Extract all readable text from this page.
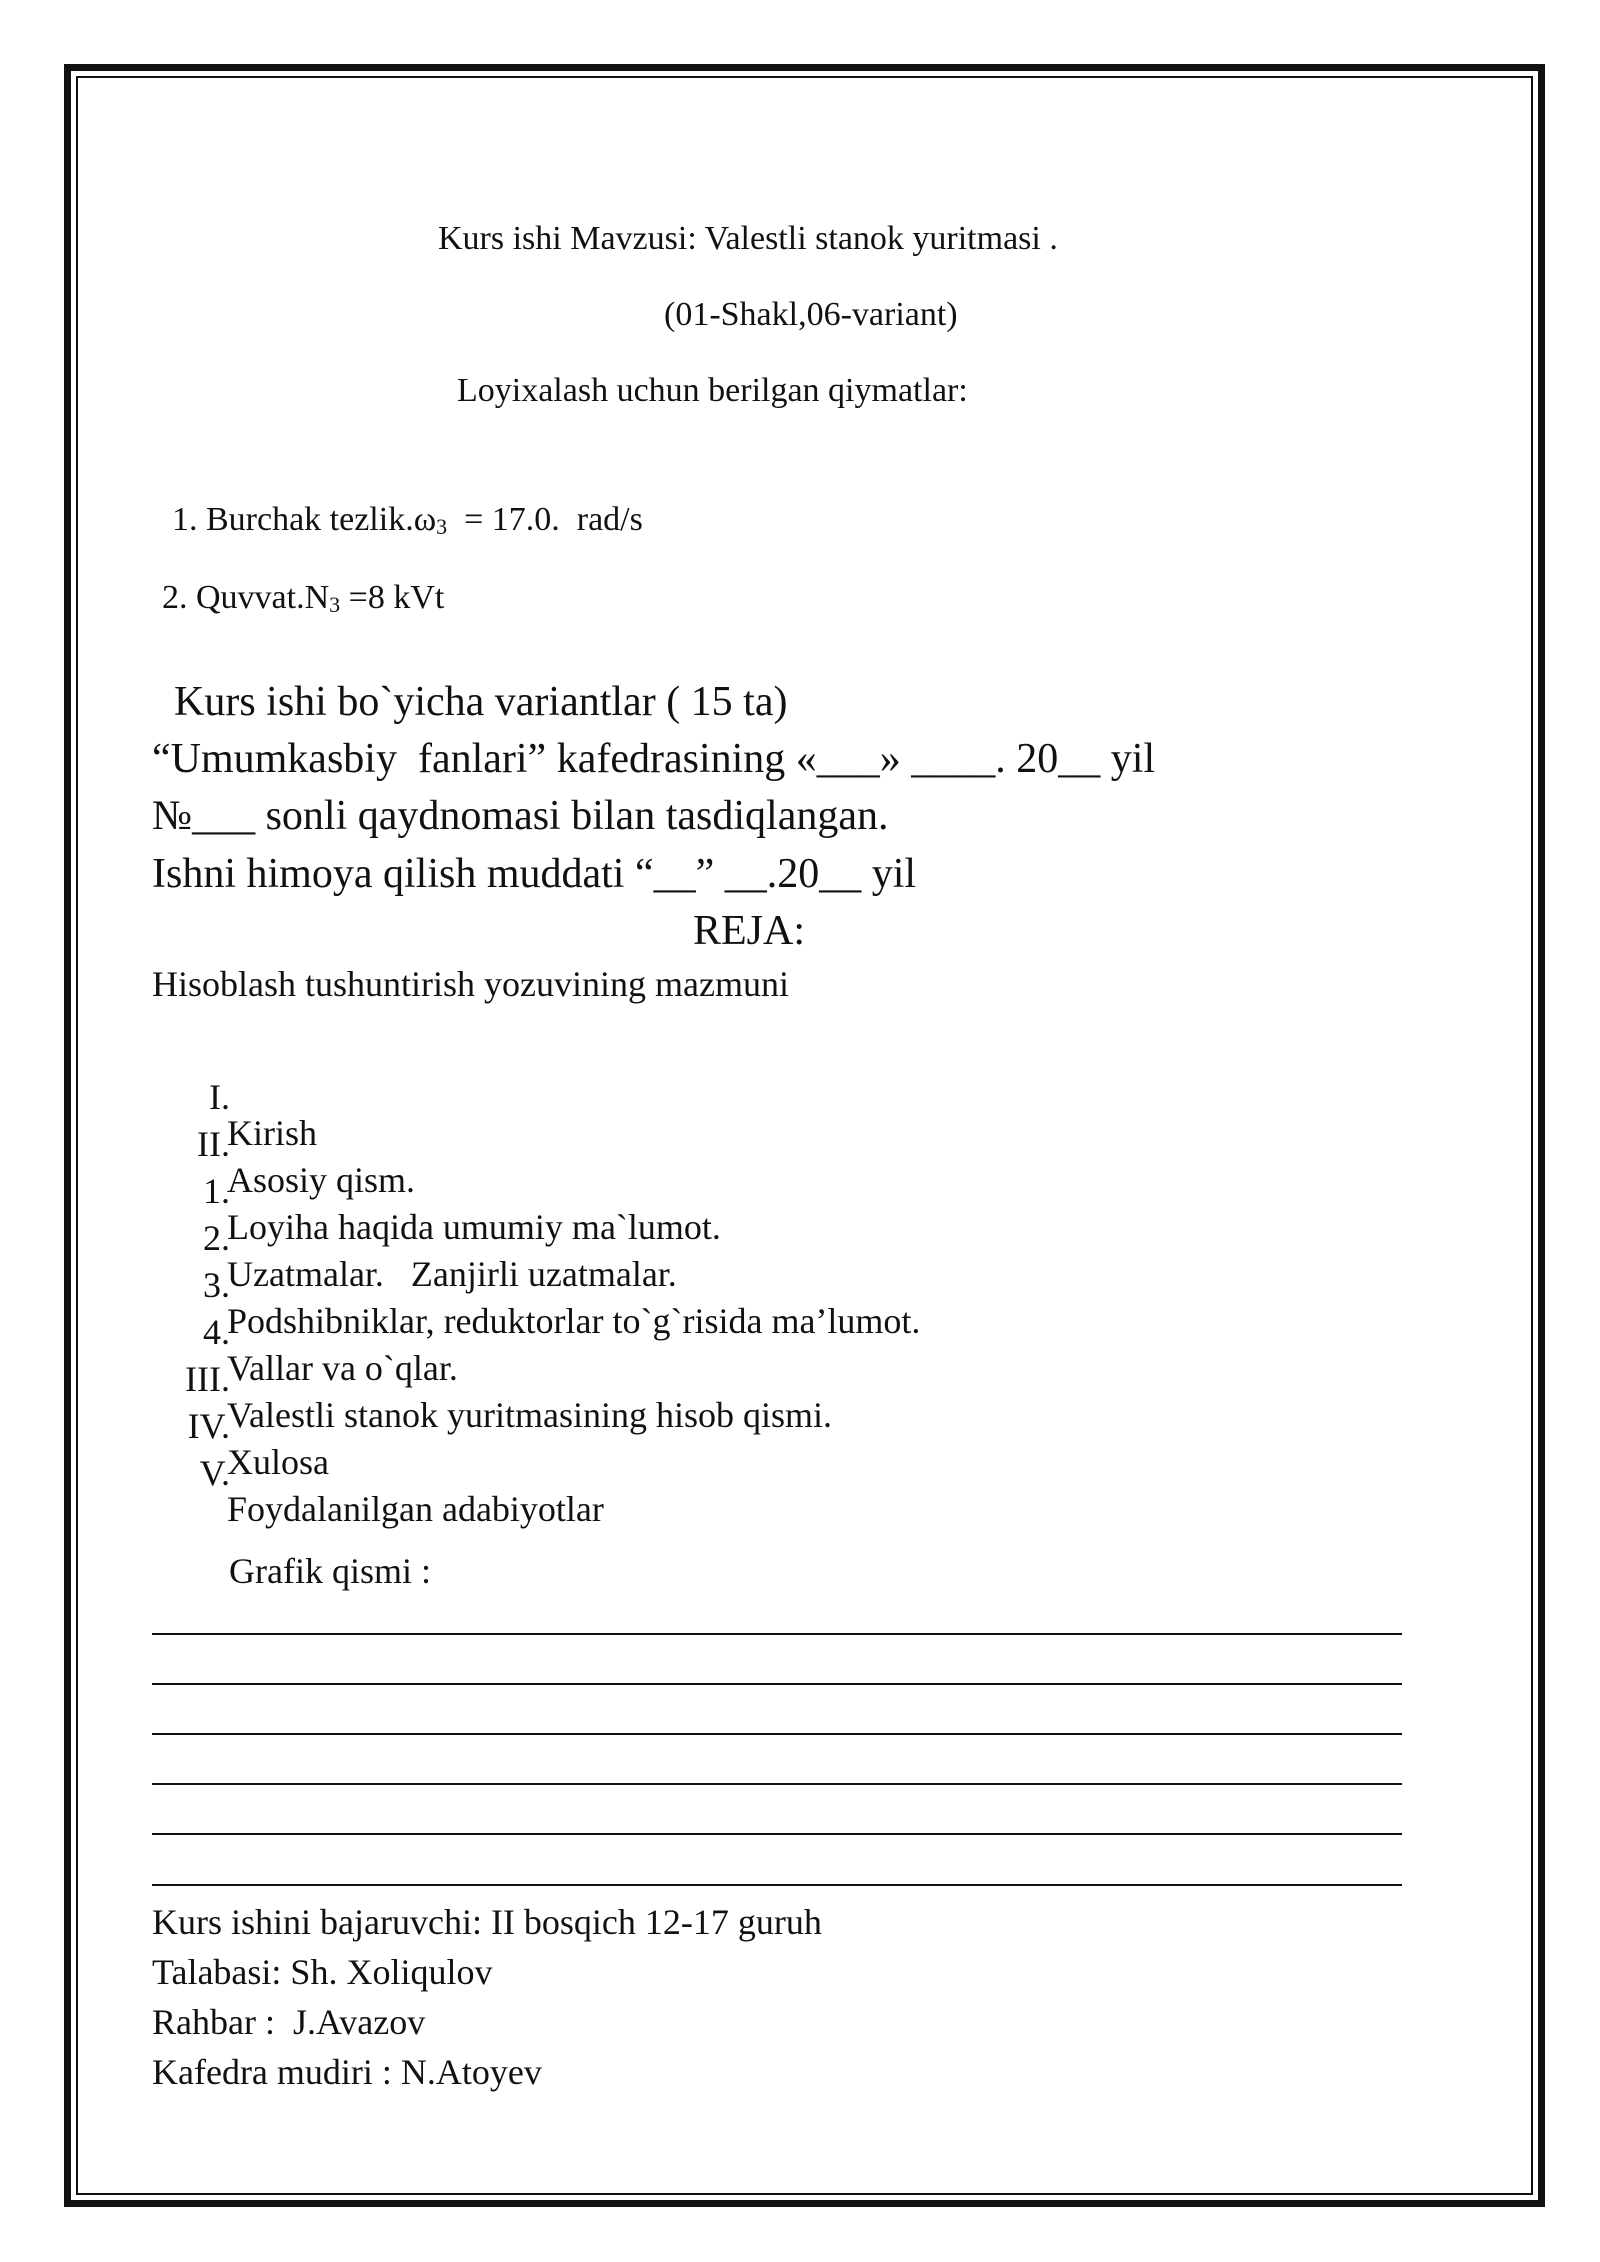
Kurs ishi Mavzusi: Valestli stanok yuritmasi .
(01-Shakl,06-variant)
Loyixalash uchun berilgan qiymatlar:
1. Burchak $tezlik.\omega_3 = 17.0$.  rad/s
2. $Quvvat.N_3 =8$ kVt
Kurs ishi bo`yicha variantlar ( 15 ta)
“Umumkasbiy  fanlari” kafedrasining «___» ____. 20__ yil
№___ sonli qaydnomasi bilan tasdiqlangan.
Ishni himoya qilish muddati “__” __.20__ yil
REJA:
Hisoblash tushuntirish yozuvining mazmuni

I.

Kirish

II.

Asosiy qism.

1.

Loyiha haqida umumiy ma`lumot.

2.

Uzatmalar.   Zanjirli uzatmalar.

3.

Podshibniklar, reduktorlar to`g`risida ma’lumot.

4.

Vallar va o`qlar.

III.

Valestli stanok yuritmasining hisob qismi.

IV.

Xulosa

V.

Foydalanilgan adabiyotlar

Grafik qismi :
Kurs ishini bajaruvchi: II bosqich 12-17 guruh
Talabasi: Sh. Xoliqulov
Rahbar :  J.Avazov
Kafedra mudiri : N.Atoyev
